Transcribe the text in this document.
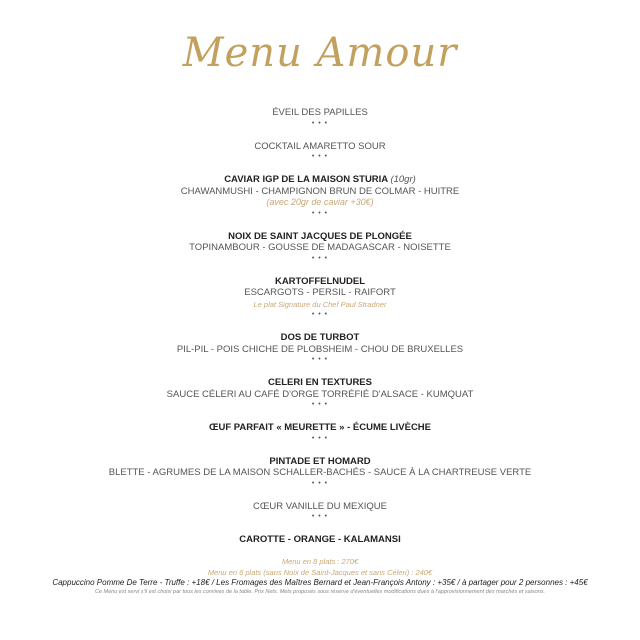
Menu Amour
ÉVEIL DES PAPILLES
• • •
COCKTAIL AMARETTO SOUR
• • •
CAVIAR IGP DE LA MAISON STURIA (10gr)
CHAWANMUSHI - CHAMPIGNON BRUN DE COLMAR - HUITRE
(avec 20gr de caviar +30€)
• • •
NOIX DE SAINT JACQUES DE PLONGÉE
TOPINAMBOUR - GOUSSE DE MADAGASCAR - NOISETTE
• • •
KARTOFFELNUDEL
ESCARGOTS - PERSIL - RAIFORT
Le plat Signature du Chef Paul Stradner
• • •
DOS DE TURBOT
PIL-PIL - POIS CHICHE DE PLOBSHEIM - CHOU DE BRUXELLES
• • •
CELERI EN TEXTURES
SAUCE CÉLERI AU CAFÉ D'ORGE TORRÉFIÉ D'ALSACE - KUMQUAT
• • •
ŒUF PARFAIT « MEURETTE » - ÉCUME LIVÈCHE
• • •
PINTADE ET HOMARD
BLETTE - AGRUMES DE LA MAISON SCHALLER-BACHÉS - SAUCE À LA CHARTREUSE VERTE
• • •
CŒUR VANILLE DU MEXIQUE
• • •
CAROTTE - ORANGE - KALAMANSI
Menu en 8 plats : 270€
Menu en 6 plats (sans Noix de Saint-Jacques et sans Céleri) : 240€
Cappuccino Pomme De Terre - Truffe : +18€ / Les Fromages des Maîtres Bernard et Jean-François Antony : +35€ / à partager pour 2 personnes : +45€
Ce Menu est servi s'il est choisi par tous les convives de la table. Prix Nets. Mets proposés sous réserve d'éventuelles modifications dues à l'approvisionnement des marchés et saisons.
